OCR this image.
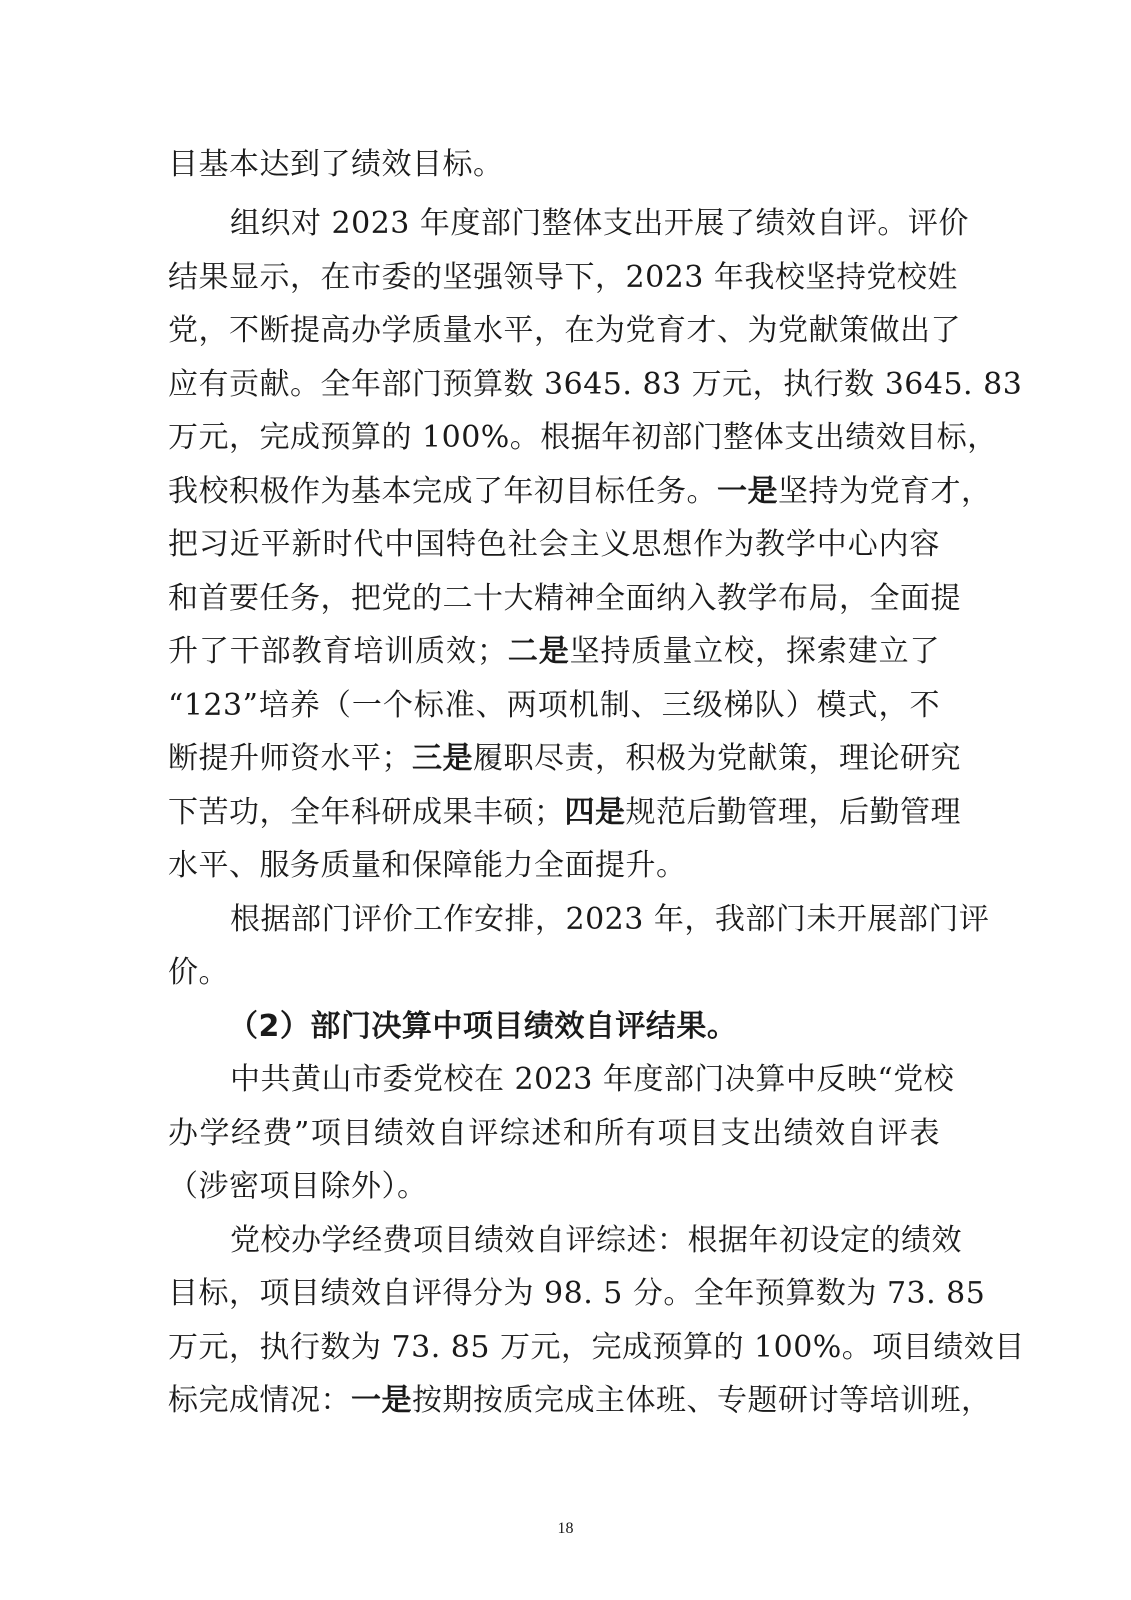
目基本达到了绩效目标。
组织对 2023 年度部门整体支出开展了绩效自评。评价
结果显示，在市委的坚强领导下，2023 年我校坚持党校姓
党，不断提高办学质量水平，在为党育才、为党献策做出了
应有贡献。全年部门预算数 3645. 83 万元，执行数 3645. 83
万元，完成预算的 100%。根据年初部门整体支出绩效目标，
我校积极作为基本完成了年初目标任务。一是坚持为党育才，
把习近平新时代中国特色社会主义思想作为教学中心内容
和首要任务，把党的二十大精神全面纳入教学布局，全面提
升了干部教育培训质效；二是坚持质量立校，探索建立了
“123”培养（一个标准、两项机制、三级梯队）模式，不
断提升师资水平；三是履职尽责，积极为党献策，理论研究
下苦功，全年科研成果丰硕；四是规范后勤管理，后勤管理
水平、服务质量和保障能力全面提升。
根据部门评价工作安排，2023 年，我部门未开展部门评
价。
（2）部门决算中项目绩效自评结果。
中共黄山市委党校在 2023 年度部门决算中反映“党校
办学经费”项目绩效自评综述和所有项目支出绩效自评表
（涉密项目除外）。
党校办学经费项目绩效自评综述：根据年初设定的绩效
目标，项目绩效自评得分为 98. 5 分。全年预算数为 73. 85
万元，执行数为 73. 85 万元，完成预算的 100%。项目绩效目
标完成情况：一是按期按质完成主体班、专题研讨等培训班，
18
